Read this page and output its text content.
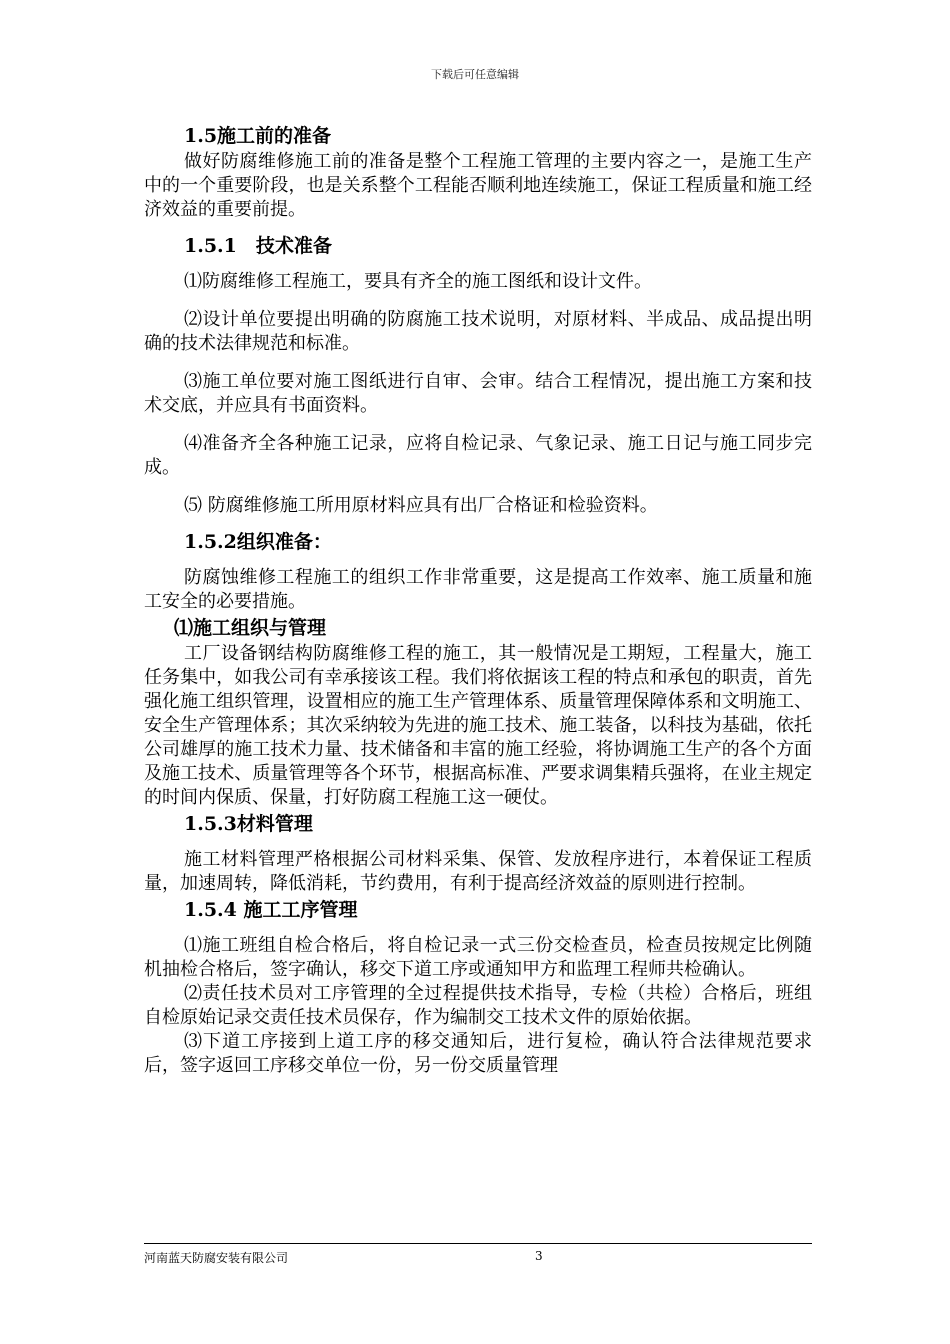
下载后可任意编辑
1.5施工前的准备
做好防腐维修施工前的准备是整个工程施工管理的主要内容之一，是施工生产中的一个重要阶段，也是关系整个工程能否顺利地连续施工，保证工程质量和施工经济效益的重要前提。
1.5.1　技术准备
⑴防腐维修工程施工，要具有齐全的施工图纸和设计文件。
⑵设计单位要提出明确的防腐施工技术说明，对原材料、半成品、成品提出明确的技术法律规范和标准。
⑶施工单位要对施工图纸进行自审、会审。结合工程情况，提出施工方案和技术交底，并应具有书面资料。
⑷准备齐全各种施工记录，应将自检记录、气象记录、施工日记与施工同步完成。
⑸ 防腐维修施工所用原材料应具有出厂合格证和检验资料。
1.5.2组织准备：
防腐蚀维修工程施工的组织工作非常重要，这是提高工作效率、施工质量和施工安全的必要措施。
⑴施工组织与管理
工厂设备钢结构防腐维修工程的施工，其一般情况是工期短，工程量大，施工任务集中，如我公司有幸承接该工程。我们将依据该工程的特点和承包的职责，首先强化施工组织管理，设置相应的施工生产管理体系、质量管理保障体系和文明施工、安全生产管理体系；其次采纳较为先进的施工技术、施工装备，以科技为基础，依托公司雄厚的施工技术力量、技术储备和丰富的施工经验，将协调施工生产的各个方面及施工技术、质量管理等各个环节，根据高标准、严要求调集精兵强将，在业主规定的时间内保质、保量，打好防腐工程施工这一硬仗。
1.5.3材料管理
施工材料管理严格根据公司材料采集、保管、发放程序进行，本着保证工程质量，加速周转，降低消耗，节约费用，有利于提高经济效益的原则进行控制。
1.5.4 施工工序管理
⑴施工班组自检合格后，将自检记录一式三份交检查员，检查员按规定比例随机抽检合格后，签字确认，移交下道工序或通知甲方和监理工程师共检确认。
⑵责任技术员对工序管理的全过程提供技术指导，专检（共检）合格后，班组自检原始记录交责任技术员保存，作为编制交工技术文件的原始依据。
⑶下道工序接到上道工序的移交通知后，进行复检，确认符合法律规范要求后，签字返回工序移交单位一份，另一份交质量管理
河南蓝天防腐安装有限公司	3
